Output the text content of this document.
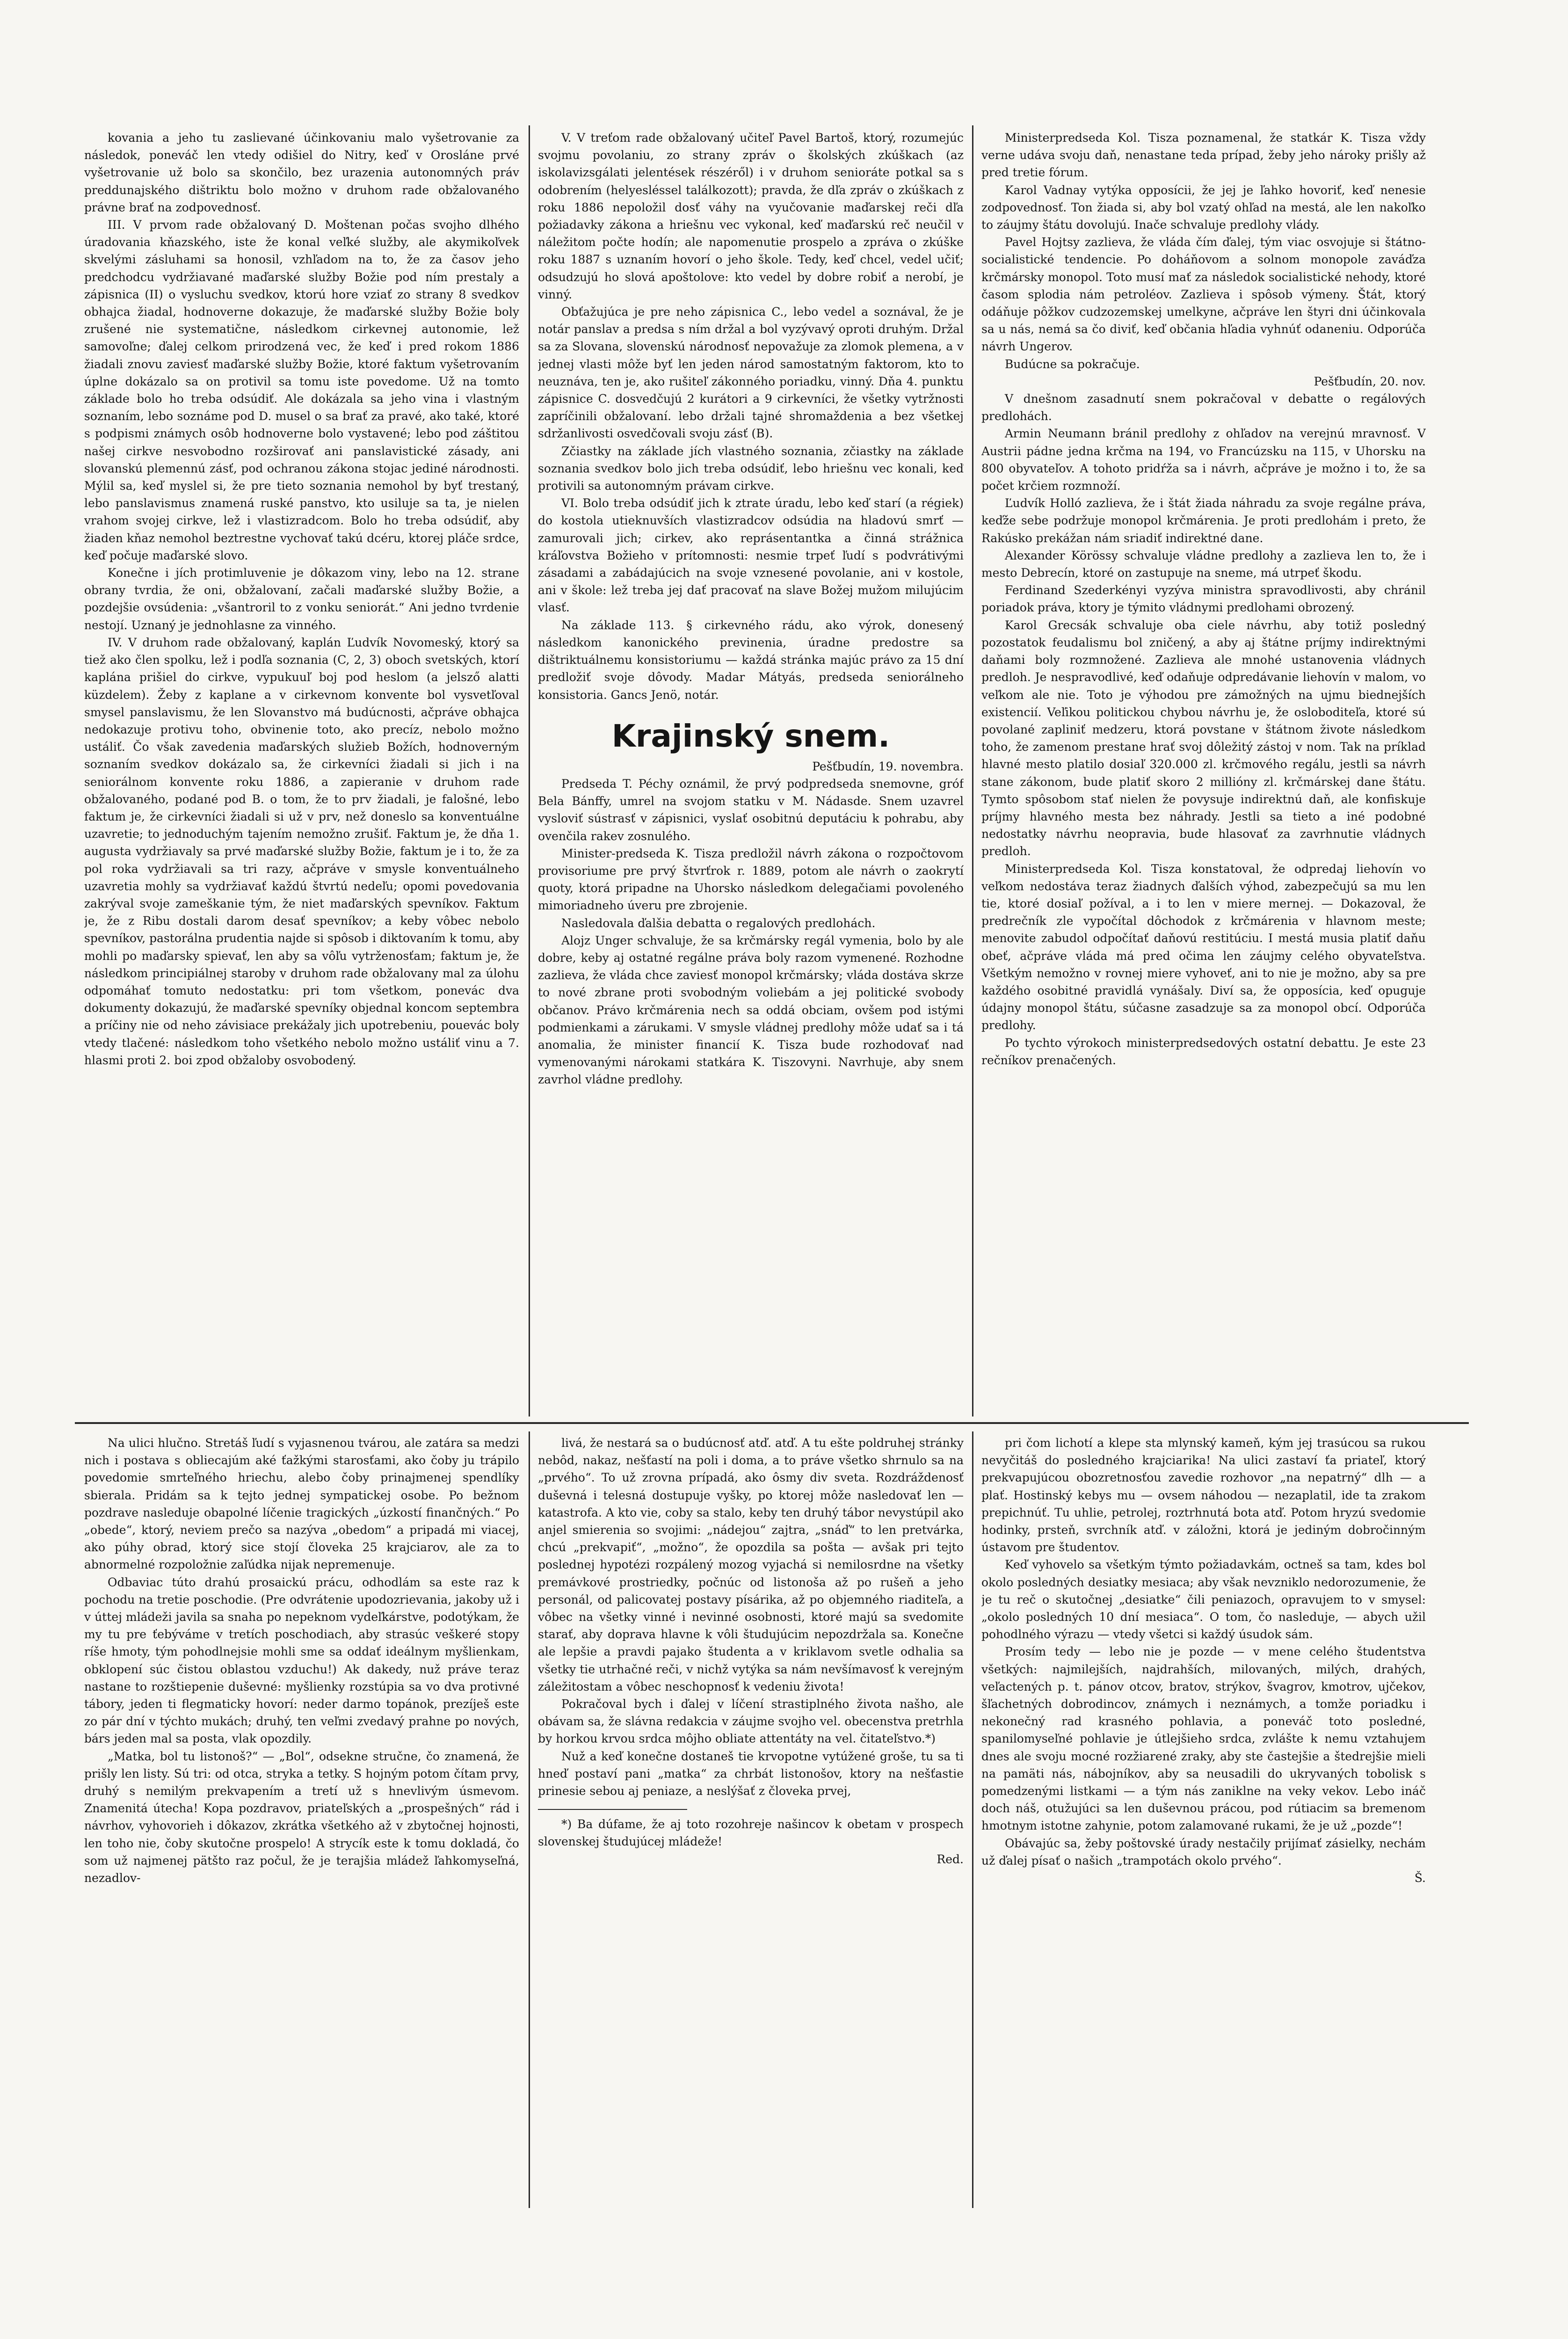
kovania a jeho tu zaslievané účinkovaniu malo vyšetrovanie za následok, poneváč len vtedy odišiel do Nitry, keď v Orosláne prvé vyšetrovanie už bolo sa skončilo, bez urazenia autonomných práv preddunajského dištriktu bolo možno v druhom rade obžalovaného právne brať na zodpovednosť.

III. V prvom rade obžalovaný D. Moštenan počas svojho dlhého úradovania kňazského, iste že konal veľké služby, ale akymikoľvek skvelými zásluhami sa honosil, vzhľadom na to, že za časov jeho predchodcu vydržiavané maďarské služby Božie pod ním prestaly a zápisnica (II) o vysluchu svedkov, ktorú hore vziať zo strany 8 svedkov obhajca žiadal, hodnoverne dokazuje, že maďarské služby Božie boly zrušené nie systematične, následkom cirkevnej autonomie, lež samovoľne; ďalej celkom prirodzená vec, že keď i pred rokom 1886 žiadali znovu zaviesť maďarské služby Božie, ktoré faktum vyšetrovaním úplne dokázalo sa on protivil sa tomu iste povedome. Už na tomto základe bolo ho treba odsúdiť. Ale dokázala sa jeho vina i vlastným soznaním, lebo soznáme pod D. musel o sa brať za pravé, ako také, ktoré s podpismi známych osôb hodnoverne bolo vystavené; lebo pod záštitou našej cirkve nesvobodno rozširovať ani panslavistické zásady, ani slovanskú plemennú zásť, pod ochranou zákona stojac jediné národnosti. Mýlil sa, keď myslel si, že pre tieto soznania nemohol by byť trestaný, lebo panslavismus znamená ruské panstvo, kto usiluje sa ta, je nielen vrahom svojej cirkve, lež i vlastizradcom. Bolo ho treba odsúdiť, aby žiaden kňaz nemohol beztrestne vychovať takú dcéru, ktorej pláče srdce, keď počuje maďarské slovo.

Konečne i jích protimluvenie je dôkazom viny, lebo na 12. strane obrany tvrdia, že oni, obžalovaní, začali maďarské služby Božie, a pozdejšie ovsúdenia: „všantroril to z vonku seniorát.“ Ani jedno tvrdenie nestojí. Uznaný je jednohlasne za vinného.

IV. V druhom rade obžalovaný, kaplán Ľudvík Novomeský, ktorý sa tiež ako člen spolku, lež i podľa soznania (C, 2, 3) oboch svetských, ktorí kaplána prišiel do cirkve, vypukuuľ boj pod heslom (a jelsző alatti küzdelem). Žeby z kaplanе a v cirkevnom konvente bol vysvetľoval smysel panslavismu, že len Slovanstvo má budúcnosti, ačpráve obhajca nedokazuje protivu toho, obvinenie toto, ako precíz, nebolo možno ustáliť. Čo však zavedenia maďarských služieb Božích, hodnoverným soznaním svedkov dokázalo sa, že cirkevníci žiadali si jich i na seniorálnom konvente roku 1886, a zapieranie v druhom rade obžalovaného, podané pod B. o tom, že to prv žiadali, je falošné, lebo faktum je, že cirkevníci žiadali si už v prv, než doneslo sa konventuálne uzavretie; to jednoduchým tajením nemožno zrušiť. Faktum je, že dňa 1. augusta vydržiavaly sa prvé maďarské služby Božie, faktum je i to, že za pol roka vydržiavali sa tri razy, ačpráve v smysle konventuálneho uzavretia mohly sa vydržiavať každú štvrtú nedeľu; opomi povedovania zakrýval svoje zameškanie tým, že niet maďarských spevníkov. Faktum je, že z Ribu dostali darom desať spevníkov; a keby vôbec nebolo spevníkov, pastorálna prudentia najde si spôsob i diktovaním k tomu, aby mohli po maďarsky spievať, len aby sa vôľu vytrženosťam; faktum je, že následkom principiálnej staroby v druhom rade obžalovany mal za úlohu odpomáhať tomuto nedostatku: pri tom všetkom, ponevác dva dokumenty dokazujú, že maďarské spevníky objednal koncom septembra a príčiny nie od neho závisiace prekážaly jich upotrebeniu, pouevác boly vtedy tlačené: následkom toho všetkého nebolo možno ustáliť vinu a 7. hlasmi proti 2. boi zpod obžaloby osvobodený.

V. V treťom rade obžalovaný učiteľ Pavel Bartoš, ktorý, rozumejúc svojmu povolaniu, zo strany zpráv o školských zkúškach (az iskolavizsgálati jelentések részéről) i v druhom senioráte potkal sa s odobrením (helyesléssel találkozott); pravda, že dľa zpráv o zkúškach z roku 1886 nepoložil dosť váhy na vyučovanie maďarskej reči dľa požiadavky zákona a hriešnu vec vykonal, keď maďarskú reč neučil v náležitom počte hodín; ale napomenutie prospelo a zpráva o zkúške roku 1887 s uznaním hovorí o jeho škole. Tedy, keď chcel, vedel učiť; odsudzujú ho slová apoštolove: kto vedel by dobre robiť a nerobí, je vinný.

Obťažujúca je pre neho zápisnica C., lebo vedel a soznával, že je notár panslav a predsa s ním držal a bol vyzývavý oproti druhým. Držal sa za Slovana, slovenskú národnosť nepovažuje za zlomok plemena, a v jednej vlasti môže byť len jeden národ samostatným faktorom, kto to neuznáva, ten je, ako rušiteľ zákonného poriadku, vinný. Dňa 4. punktu zápisnice C. dosvedčujú 2 kurátori a 9 cirkevníci, že všetky vytržnosti zapríčinili obžalovaní. lebo držali tajné shromaždenia a bez všetkej sdržanlivosti osvedčovali svoju zásť (B).

Zčiastky na základe jích vlastného soznania, zčiastky na základe soznania svedkov bolo jich treba odsúdiť, lebo hriešnu vec konali, keď protivili sa autonomným právam cirkve.

VI. Bolo treba odsúdiť jich k ztrate úradu, lebo keď starí (a régiek) do kostola utieknuvších vlastizradcov odsúdia na hladovú smrť — zamurovali jich; cirkev, ako reprásentantka a činná strážnica kráľovstva Božieho v prítomnosti: nesmie trpeť ľudí s podvrátivými zásadami a zabádajúcich na svoje vznesené povolanie, ani v kostole, ani v škole: lež treba jej dať pracovať na slave Božej mužom milujúcim vlasť.

Na základe 113. § cirkevného rádu, ako výrok, donesený následkom kanonického previnenia, úradne predostre sa dištriktuálnemu konsistoriumu — každá stránka majúc právo za 15 dní predložiť svoje dôvody. Madar Mátyás, predseda seniorálneho konsistoria. Gancs Jenö, notár.

Krajinský snem.

Pešťbudín, 19. novembra.

Predseda T. Péchy oznámil, že prvý podpredseda snemovne, gróf Bela Bánffy, umrel na svojom statku v M. Nádasde. Snem uzavrel vysloviť sústrasť v zápisnici, vyslať osobitnú deputáciu k pohrabu, aby ovenčila rakev zosnulého.

Minister-predseda K. Tisza predložil návrh zákona o rozpočtovom provisoriume pre prvý štvrťrok r. 1889, potom ale návrh o zaokrytí quoty, ktorá pripadne na Uhorsko následkom delegačiami povoleného mimoriadneho úveru pre zbrojenie.

Nasledovala ďalšia debatta o regalových predlohách.

Alojz Unger schvaluje, že sa krčmársky regál vymenia, bolo by ale dobre, keby aj ostatné regálne práva boly razom vymenené. Rozhodne zazlieva, že vláda chce zaviesť monopol krčmársky; vláda dostáva skrze to nové zbrane proti svobodným voliebám a jej politické svobody občanov. Právo krčmárenia nech sa oddá obciam, ovšem pod istými podmienkami a zárukami. V smysle vládnej predlohy môže udať sa i tá anomalia, že minister financií K. Tisza bude rozhodovať nad vymenovanými nárokami statkára K. Tiszovyni. Navrhuje, aby snem zavrhol vládne predlohy.

Ministerpredseda Kol. Tisza poznamenal, že statkár K. Tisza vždy verne udáva svoju daň, nenastane teda prípad, žeby jeho nároky prišly až pred tretie fórum.

Karol Vadnay vytýka opposícii, že jej je ľahko hovoriť, keď nenesie zodpovednosť. Ton žiada si, aby bol vzatý ohľad na mestá, ale len nakoľko to záujmy štátu dovolujú. Inače schvaluje predlohy vlády.

Pavel Hojtsy zazlieva, že vláda čím ďalej, tým viac osvojuje si štátno-socialistické tendencie. Po doháňovom a solnom monopole zaváďza krčmársky monopol. Toto musí mať za následok socialistické nehody, ktoré časom splodia nám petroléov. Zazlieva i spôsob výmeny. Štát, ktorý odáňuje pôžkov cudzozemskej umelkyne, ačpráve len štyri dni účinkovala sa u nás, nemá sa čo diviť, keď občania hľadia vyhnúť odaneniu. Odporúča návrh Ungerov.

Budúcne sa pokračuje.

Pešťbudín, 20. nov.

V dnešnom zasadnutí snem pokračoval v debatte o regálových predlohách.

Armin Neumann bránil predlohy z ohľadov na verejnú mravnosť. V Austrii pádne jedna krčma na 194, vo Francúzsku na 115, v Uhorsku na 800 obyvateľov. A tohoto pridŕža sa i návrh, ačpráve je možno i to, že sa počet krčiem rozmnoží.

Ľudvík Holló zazlieva, že i štát žiada náhradu za svoje regálne práva, keďže sebe podržuje monopol krčmárenia. Je proti predlohám i preto, že Rakúsko prekážan nám sriadiť indirektné dane.

Alexander Körössy schvaluje vládne predlohy a zazlieva len to, že i mesto Debrecín, ktoré on zastupuje na sneme, má utrpeť škodu.

Ferdinand Szederkényi vyzýva ministra spravodlivosti, aby chránil poriadok práva, ktory je týmito vládnymi predlohami obrozený.

Karol Grecsák schvaluje oba ciele návrhu, aby totiž posledný pozostatok feudalismu bol zničený, a aby aj štátne príjmy indirektnými daňami boly rozmnožené. Zazlieva ale mnohé ustanovenia vládnych predloh. Je nespravodlivé, keď odaňuje odpredávanie liehovín v malom, vo veľkom ale nie. Toto je výhodou pre zámožných na ujmu biednejších existencií. Veľikou politickou chybou návrhu je, že osloboditeľa, ktoré sú povolané zapliniť medzeru, ktorá povstane v štátnom živote následkom toho, že zamenom prestane hrať svoj dôležitý zástoj v nom. Tak na príklad hlavné mesto platilo dosiaľ 320.000 zl. krčmového regálu, jestli sa návrh stane zákonom, bude platiť skoro 2 millióny zl. krčmárskej dane štátu. Tymto spôsobom stať nielen že povysuje indirektnú daň, ale konfiskuje príjmy hlavného mesta bez náhrady. Jestli sa tieto a iné podobné nedostatky návrhu neopravia, bude hlasovať za zavrhnutie vládnych predloh.

Ministerpredseda Kol. Tisza konstatoval, že odpredaj liehovín vo veľkom nedostáva teraz žiadnych ďalších výhod, zabezpečujú sa mu len tie, ktoré dosiaľ požíval, a i to len v miere mernej. — Dokazoval, že predrečník zle vypočítal dôchodok z krčmárenia v hlavnom meste; menovite zabudol odpočítať daňovú restitúciu. I mestá musia platiť daňu obeť, ačpráve vláda má pred očima len záujmy celého obyvateľstva. Všetkým nemožno v rovnej miere vyhoveť, ani to nie je možno, aby sa pre každého osobitné pravidlá vynášaly. Diví sa, že opposícia, keď opuguje údajny monopol štátu, súčasne zasadzuje sa za monopol obcí. Odporúča predlohy.

Po tychto výrokoch ministerpredsedových ostatní debattu. Je este 23 rečníkov prenačených.

Na ulici hlučno. Stretáš ľudí s vyjasnenou tvárou, ale zatára sa medzi nich i postava s obliecajúm aké ťažkými starosťami, ako čoby ju trápilo povedomie smrteľného hriechu, alebo čoby prinajmenej spendlíky sbierala. Pridám sa k tejto jednej sympatickej osobe. Po bežnom pozdrave nasleduje obapolné líčenie tragických „úzkostí finančných.“ Po „obede“, ktorý, neviem prečo sa nazýva „obedom“ a pripadá mi viacej, ako púhy obrad, ktorý sice stojí človeka 25 krajciarov, ale za to abnormelné rozpoložnie zaľúdka nijak nepremenuje.

Odbaviac túto drahú prosaickú prácu, odhodlám sa este raz k pochodu na tretie poschodie. (Pre odvrátenie upodozrievania, jakoby už i v úttej mládeži javila sa snaha po nepeknom vydeľkárstve, podotýkam, že my tu pre ťebýváme v tretích poschodiach, aby strasúc veškeré stopy ríše hmoty, tým pohodlnejsie mohli sme sa oddať ideálnym myšlienkam, obklopení súc čistou oblastou vzduchu!) Ak dakedy, nuž práve teraz nastane to rozštiepenie duševné: myšlienky rozstúpia sa vo dva protivné tábory, jeden ti flegmaticky hovorí: neder darmo topánok, prezíješ este zo pár dní v týchto mukách; druhý, ten veľmi zvedavý prahne po nových, bárs jeden mal sa posta, vlak opozdily.

„Matka, bol tu listonoš?“ — „Bol“, odsekne stručne, čo znamená, že prišly len listy. Sú tri: od otca, stryka a tetky. S hojným potom čítam prvy, druhý s nemilým prekvapením a tretí už s hnevlivým úsmevom. Znamenitá útecha! Kopa pozdravov, priateľských a „prospešných“ rád i návrhov, vyhovorieh i dôkazov, zkrátka všetkého až v zbytočnej hojnosti, len toho nie, čoby skutočne prospelo! A strycík este k tomu dokladá, čo som už najmenej pätšto raz počul, že je terajšia mládež ľahkomyseľná, nezadlov-

livá, že nestará sa o budúcnosť atď. atď. A tu ešte poldruhej stránky nebôd, nakaz, nešťastí na poli i doma, a to práve všetko shrnulo sa na „prvého“. To už zrovna prípadá, ako ôsmy div sveta. Rozdráždenosť duševná i telesná dostupuje vyšky, po ktorej môže nasledovať len — katastrofa. A kto vie, coby sa stalo, keby ten druhý tábor nevystúpil ako anjel smierenia so svojimi: „nádejou“ zajtra, „snáď“ to len pretvárka, chcú „prekvapiť“, „možno“, že opozdila sa pošta — avšak pri tejto poslednej hypotézi rozpálený mozog vyjachá si nemilosrdne na všetky premávkové prostriedky, počnúc od listonoša až po rušeň a jeho personál, od palicovatej postavy písárika, až po objemného riaditeľa, a vôbec na všetky vinné i nevinné osobnosti, ktoré majú sa svedomite starať, aby doprava hlavne k vôli študujúcim nepozdržala sa. Konečne ale lepšie a pravdi pajako študenta a v kriklavom svetle odhalia sa všetky tie utrhačné reči, v nichž vytýka sa nám nevšímavosť k verejným záležitostam a vôbec neschopnosť k vedeniu života!

Pokračoval bych i ďalej v líčení strastiplného života našho, ale obávam sa, že slávna redakcia v záujme svojho vel. obecenstva pretrhla by horkou krvou srdca môjho obliate attentáty na vel. čitateľstvo.*)

Nuž a keď konečne dostaneš tie krvopotne vytúžené groše, tu sa ti hneď postaví pani „matka“ za chrbát listonošov, ktory na nešťastie prinesie sebou aj peniaze, a neslýšať z človeka prvej,

*) Ba dúfame, že aj toto rozohreje našincov k obetam v prospech slovenskej študujúcej mládeže!

Red.

pri čom lichotí a klepe sta mlynský kameň, kým jej trasúcou sa rukou nevyčitáš do posledného krajciarika! Na ulici zastaví ťa priateľ, ktorý prekvapujúcou obozretnosťou zavedie rozhovor „na nepatrný“ dlh — a plať. Hostinský kebys mu — ovsem náhodou — nezaplatil, ide ta zrakom prepichnúť. Tu uhlie, petrolej, roztrhnutá bota atď. Potom hryzú svedomie hodinky, prsteň, svrchník atď. v záložni, ktorá je jediným dobročinným ústavom pre študentov.

Keď vyhovelo sa všetkým týmto požiadavkám, octneš sa tam, kdes bol okolo posledných desiatky mesiaca; aby však nevzniklo nedorozumenie, že je tu reč o skutočnej „desiatke“ čili peniazoch, opravujem to v smysel: „okolo posledných 10 dní mesiaca“. O tom, čo nasleduje, — abych užil pohodlného výrazu — vtedy všetci si každý úsudok sám.

Prosím tedy — lebo nie je pozde — v mene celého študentstva všetkých: najmilejších, najdrahších, milovaných, milých, drahých, veľactených p. t. pánov otcov, bratov, strýkov, švagrov, kmotrov, ujčekov, šľachetných dobrodincov, známych i neznámych, a tomže poriadku i nekonečný rad krasného pohlavia, a poneváč toto posledné, spanilomyseľné pohlavie je útlejšieho srdca, zvlášte k nemu vztahujem dnes ale svoju mocné rozžiarené zraky, aby ste častejšie a štedrejšie mieli na pamäti nás, nábojníkov, aby sa neusadili do ukryvaných tobolisk s pomedzenými listkami — a tým nás zaniklne na veky vekov. Lebo ináč doch náš, otužujúci sa len duševnou prácou, pod rútiacim sa bremenom hmotnym istotne zahynie, potom zalamované rukami, že je už „pozde“!

Obávajúc sa, žeby poštovské úrady nestačily prijímať zásielky, nechám už ďalej písať o našich „trampotách okolo prvého“.

Š.
